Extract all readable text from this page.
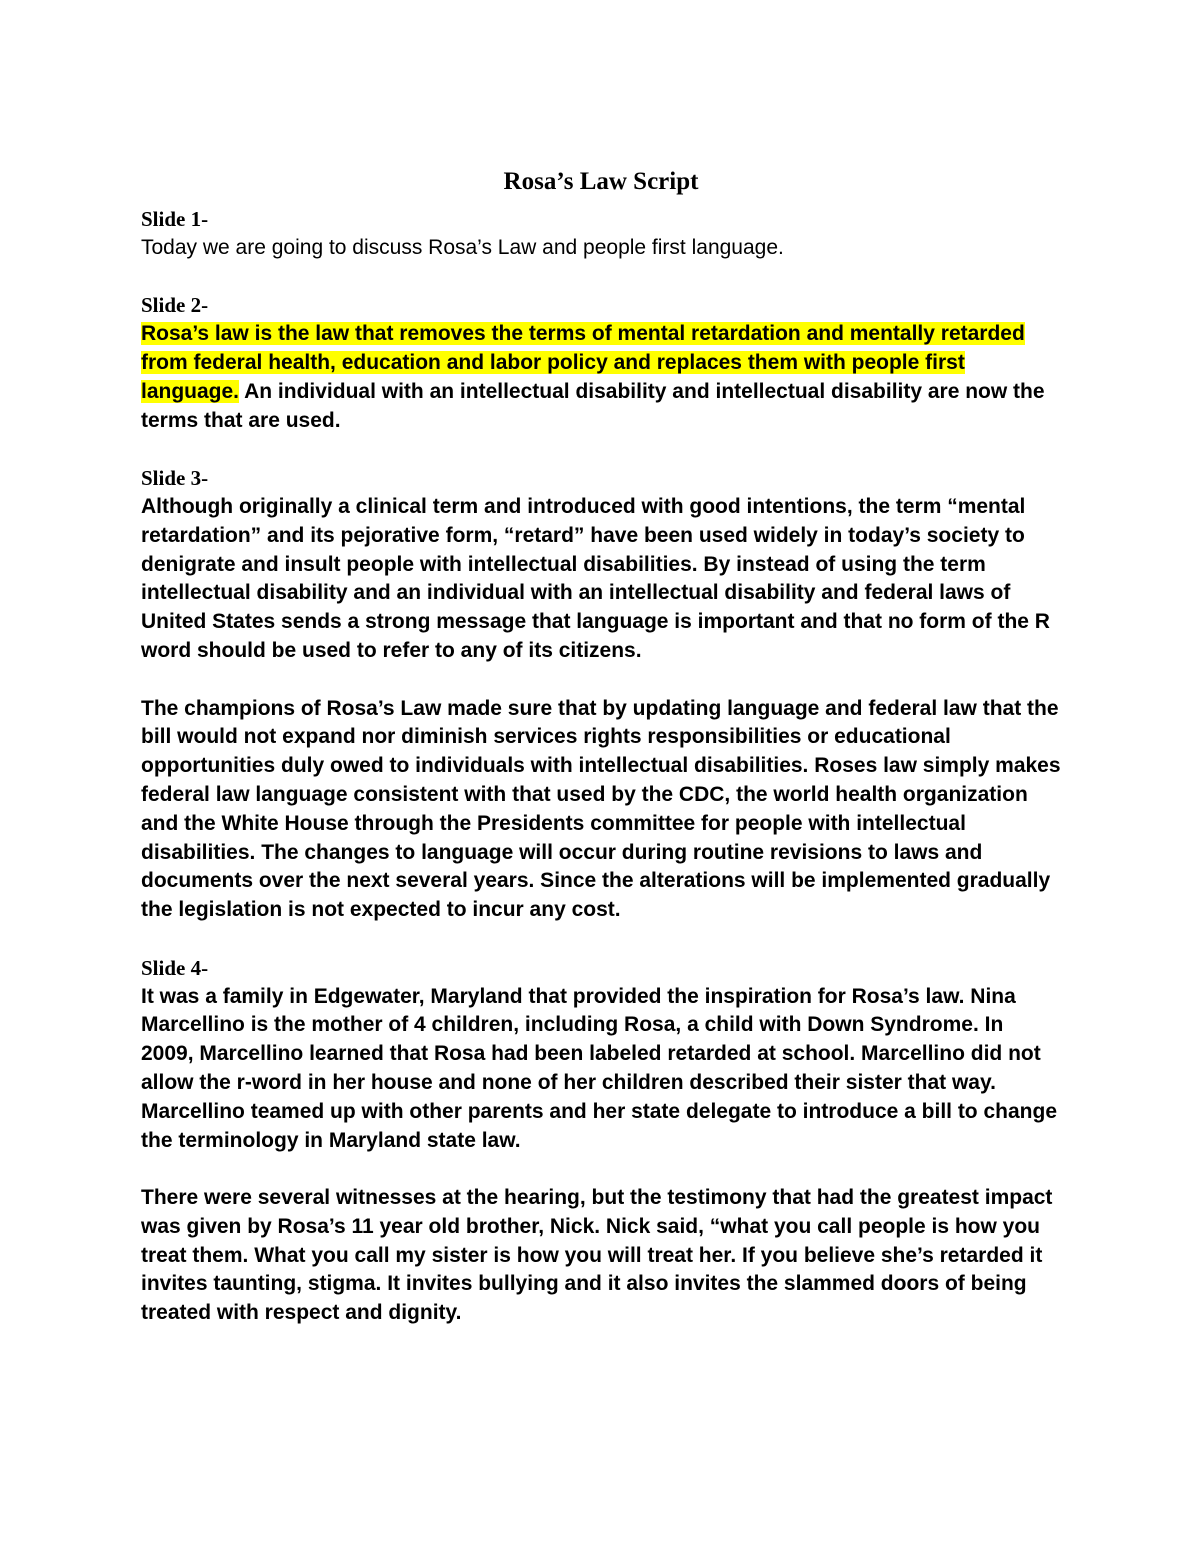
Rosa’s Law Script
Slide 1-

Today we are going to discuss Rosa’s Law and people first language.

Slide 2-

Rosa’s law is the law that removes the terms of mental retardation and mentally retarded from federal health, education and labor policy and replaces them with people first language. An individual with an intellectual disability and intellectual disability are now the terms that are used.

Slide 3-

Although originally a clinical term and introduced with good intentions, the term “mental retardation” and its pejorative form, “retard” have been used widely in today’s society to denigrate and insult people with intellectual disabilities. By instead of using the term intellectual disability and an individual with an intellectual disability and federal laws of United States sends a strong message that language is important and that no form of the R word should be used to refer to any of its citizens.

The champions of Rosa’s Law made sure that by updating language and federal law that the bill would not expand nor diminish services rights responsibilities or educational opportunities duly owed to individuals with intellectual disabilities. Roses law simply makes federal law language consistent with that used by the CDC, the world health organization and the White House through the Presidents committee for people with intellectual disabilities. The changes to language will occur during routine revisions to laws and documents over the next several years. Since the alterations will be implemented gradually the legislation is not expected to incur any cost.

Slide 4-

It was a family in Edgewater, Maryland that provided the inspiration for Rosa’s law. Nina Marcellino is the mother of 4 children, including Rosa, a child with Down Syndrome. In 2009, Marcellino learned that Rosa had been labeled retarded at school. Marcellino did not allow the r-word in her house and none of her children described their sister that way. Marcellino teamed up with other parents and her state delegate to introduce a bill to change the terminology in Maryland state law.

There were several witnesses at the hearing, but the testimony that had the greatest impact was given by Rosa’s 11 year old brother, Nick. Nick said, “what you call people is how you treat them. What you call my sister is how you will treat her. If you believe she’s retarded it invites taunting, stigma. It invites bullying and it also invites the slammed doors of being treated with respect and dignity.
